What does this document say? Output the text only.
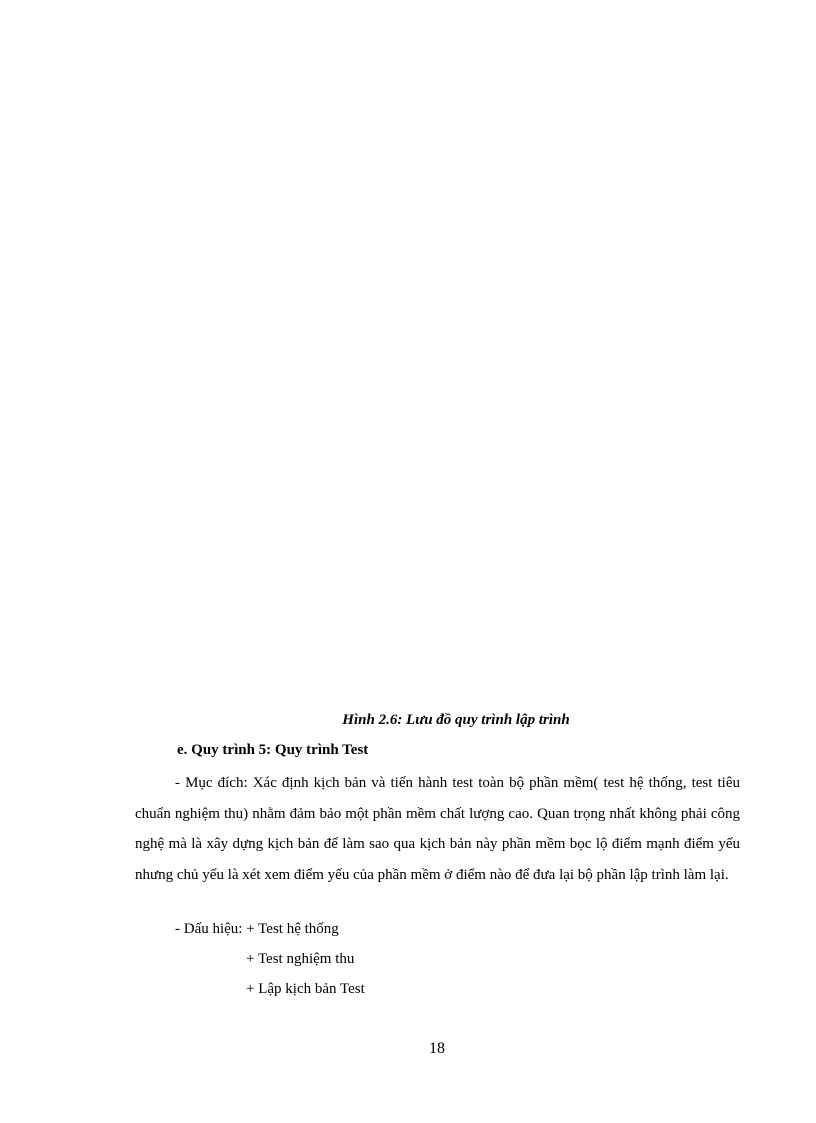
Hình 2.6: Lưu đồ quy trình lập trình
e. Quy trình 5: Quy trình Test

- Mục đích: Xác định kịch bản và tiến hành test toàn bộ phần mềm( test hệ thống, test tiêu chuẩn nghiệm thu) nhằm đảm bảo một phần mềm chất lượng cao. Quan trọng nhất không phải công nghệ mà là xây dựng kịch bản để làm sao qua kịch bản này phần mềm bọc lộ điểm mạnh điểm yếu nhưng chủ yếu là xét xem điểm yếu của phần mềm ở điểm nào để đưa lại bộ phần lập trình làm lại.

- Dấu hiệu: + Test hệ thống
+ Test nghiệm thu
+ Lập kịch bản Test
18
